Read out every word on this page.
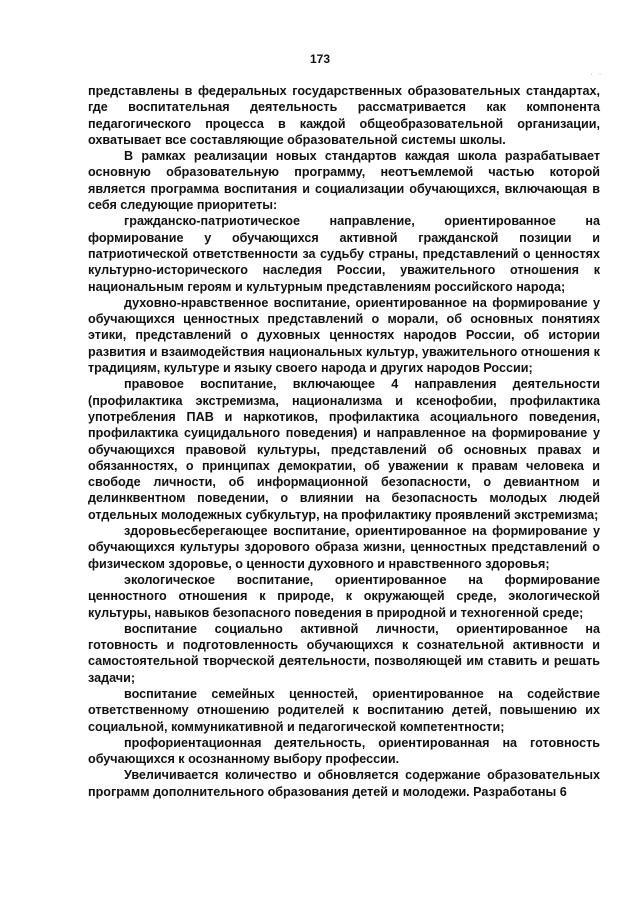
173
·  ·

представлены в федеральных государственных образовательных стандартах, где воспитательная деятельность рассматривается как компонента педагогического процесса в каждой общеобразовательной организации, охватывает все составляющие образовательной системы школы.

В рамках реализации новых стандартов каждая школа разрабатывает основную образовательную программу, неотъемлемой частью которой является программа воспитания и социализации обучающихся, включающая в себя следующие приоритеты:

гражданско-патриотическое направление, ориентированное на формирование у обучающихся активной гражданской позиции и патриотической ответственности за судьбу страны, представлений о ценностях культурно-исторического наследия России, уважительного отношения к национальным героям и культурным представлениям российского народа;

духовно-нравственное воспитание, ориентированное на формирование у обучающихся ценностных представлений о морали, об основных понятиях этики, представлений о духовных ценностях народов России, об истории развития и взаимодействия национальных культур, уважительного отношения к традициям, культуре и языку своего народа и других народов России;

правовое воспитание, включающее 4 направления деятельности (профилактика экстремизма, национализма и ксенофобии, профилактика употребления ПАВ и наркотиков, профилактика асоциального поведения, профилактика суицидального поведения) и направленное на формирование у обучающихся правовой культуры, представлений об основных правах и обязанностях, о принципах демократии, об уважении к правам человека и свободе личности, об информационной безопасности, о девиантном и делинквентном поведении, о влиянии на безопасность молодых людей отдельных молодежных субкультур, на профилактику проявлений экстремизма;

здоровьесберегающее воспитание, ориентированное на формирование у обучающихся культуры здорового образа жизни, ценностных представлений о физическом здоровье, о ценности духовного и нравственного здоровья;

экологическое воспитание, ориентированное на формирование ценностного отношения к природе, к окружающей среде, экологической культуры, навыков безопасного поведения в природной и техногенной среде;

воспитание социально активной личности, ориентированное на готовность и подготовленность обучающихся к сознательной активности и самостоятельной творческой деятельности, позволяющей им ставить и решать задачи;

воспитание семейных ценностей, ориентированное на содействие ответственному отношению родителей к воспитанию детей, повышению их социальной, коммуникативной и педагогической компетентности;

профориентационная деятельность, ориентированная на готовность обучающихся к осознанному выбору профессии.

Увеличивается количество и обновляется содержание образовательных программ дополнительного образования детей и молодежи. Разработаны 6
